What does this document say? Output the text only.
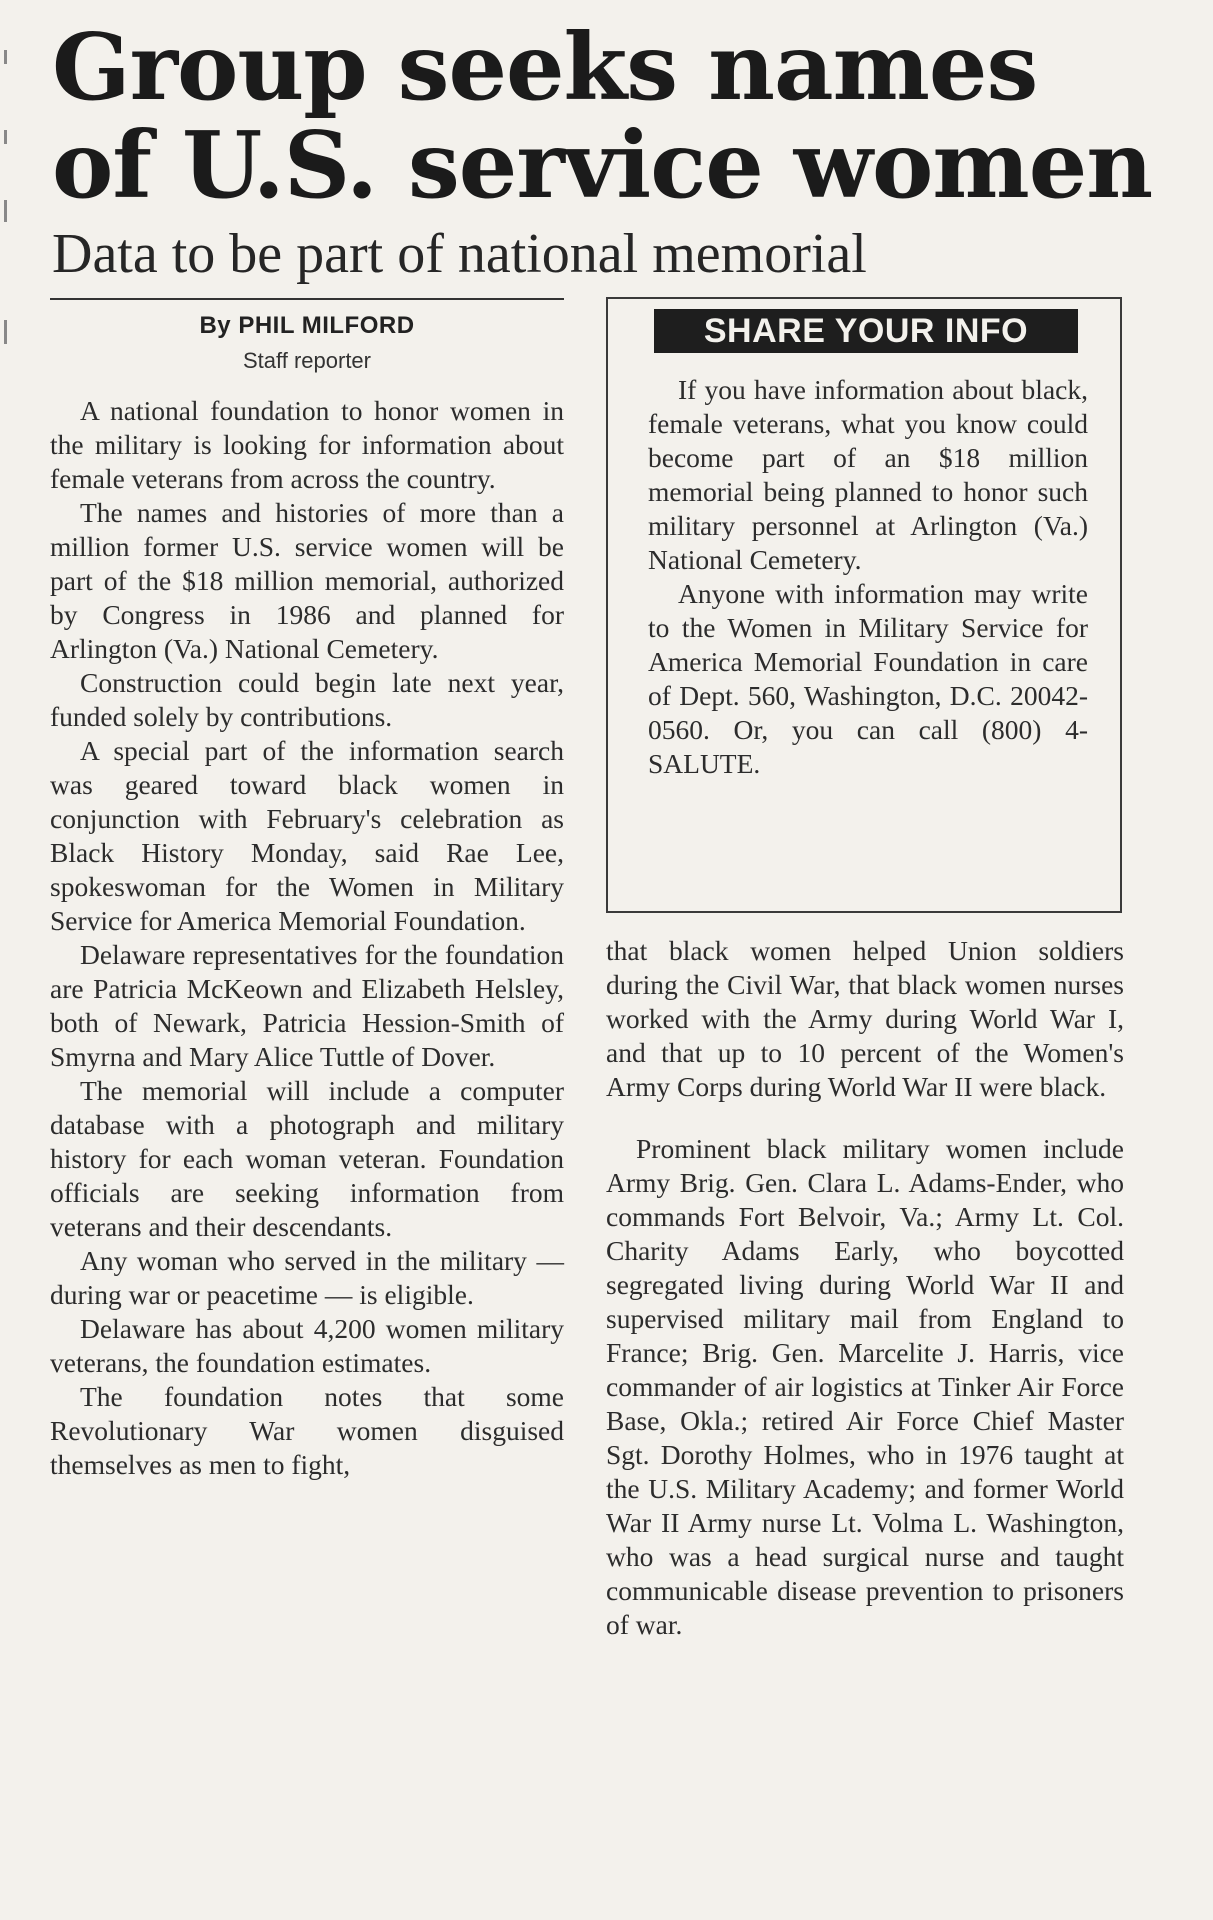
Group seeks names
of U.S. service women
Data to be part of national memorial
By PHIL MILFORD
Staff reporter

A national foundation to honor women in the military is looking for information about female veterans from across the country.

The names and histories of more than a million former U.S. service women will be part of the $18 million memorial, authorized by Congress in 1986 and planned for Arlington (Va.) National Cemetery.

Construction could begin late next year, funded solely by contributions.

A special part of the information search was geared toward black women in conjunction with February's celebration as Black History Monday, said Rae Lee, spokeswoman for the Women in Military Service for America Memorial Foundation.

Delaware representatives for the foundation are Patricia McKeown and Elizabeth Helsley, both of Newark, Patricia Hession-Smith of Smyrna and Mary Alice Tuttle of Dover.

The memorial will include a computer database with a photograph and military history for each woman veteran. Foundation officials are seeking information from veterans and their descendants.

Any woman who served in the military — during war or peacetime — is eligible.

Delaware has about 4,200 women military veterans, the foundation estimates.

The foundation notes that some Revolutionary War women disguised themselves as men to fight,

SHARE YOUR INFO

If you have information about black, female veterans, what you know could become part of an $18 million memorial being planned to honor such military personnel at Arlington (Va.) National Cemetery.

Anyone with information may write to the Women in Military Service for America Memorial Foundation in care of Dept. 560, Washington, D.C. 20042-0560. Or, you can call (800) 4-SALUTE.

that black women helped Union soldiers during the Civil War, that black women nurses worked with the Army during World War I, and that up to 10 percent of the Women's Army Corps during World War II were black.

Prominent black military women include Army Brig. Gen. Clara L. Adams-Ender, who commands Fort Belvoir, Va.; Army Lt. Col. Charity Adams Early, who boycotted segregated living during World War II and supervised military mail from England to France; Brig. Gen. Marcelite J. Harris, vice commander of air logistics at Tinker Air Force Base, Okla.; retired Air Force Chief Master Sgt. Dorothy Holmes, who in 1976 taught at the U.S. Military Academy; and former World War II Army nurse Lt. Volma L. Washington, who was a head surgical nurse and taught communicable disease prevention to prisoners of war.
